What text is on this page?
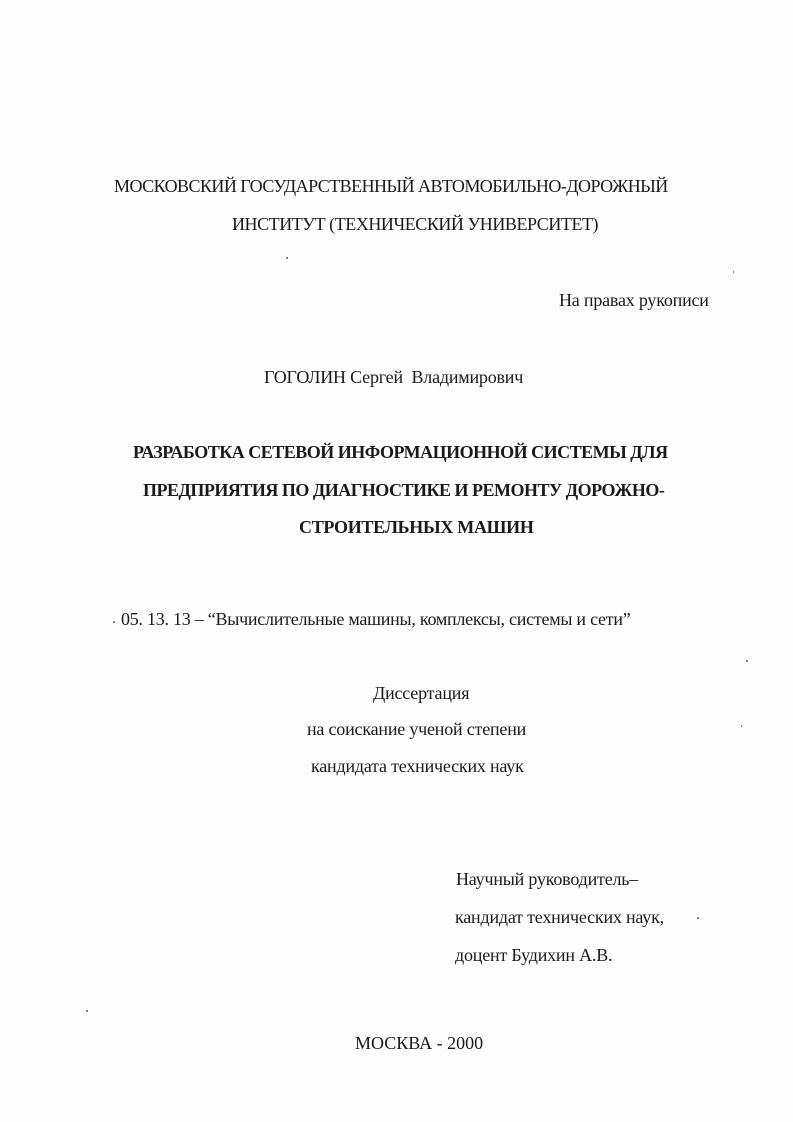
МОСКОВСКИЙ ГОСУДАРСТВЕННЫЙ АВТОМОБИЛЬНО-ДОРОЖНЫЙ
ИНСТИТУТ (ТЕХНИЧЕСКИЙ УНИВЕРСИТЕТ)
На правах рукописи
ГОГОЛИН Сергей  Владимирович
РАЗРАБОТКА СЕТЕВОЙ ИНФОРМАЦИОННОЙ СИСТЕМЫ ДЛЯ
ПРЕДПРИЯТИЯ ПО ДИАГНОСТИКЕ И РЕМОНТУ ДОРОЖНО-
СТРОИТЕЛЬНЫХ МАШИН
05. 13. 13 – “Вычислительные машины, комплексы, системы и сети”
Диссертация
на соискание ученой степени
кандидата технических наук
Научный руководитель–
кандидат технических наук,
доцент Будихин А.В.
МОСКВА - 2000
